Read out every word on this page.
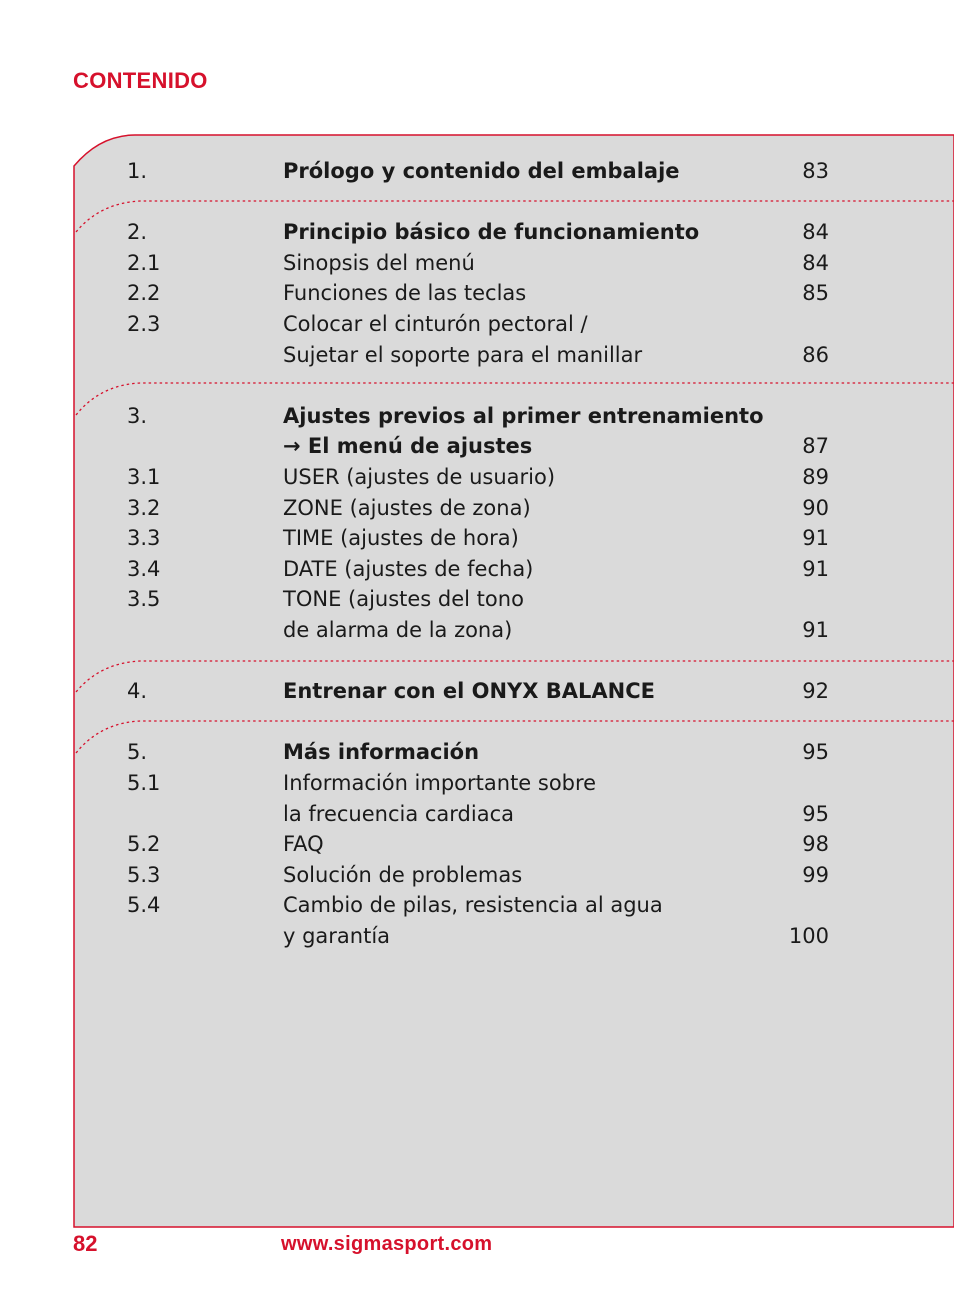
CONTENIDO
1.	Prólogo y contenido del embalaje	83
2.	Principio básico de funcionamiento	84
2.1	Sinopsis del menú	84
2.2	Funciones de las teclas	85
2.3	Colocar el cinturón pectoral /
Sujetar el soporte para el manillar	86
3.	Ajustes previos al primer entrenamiento
→ El menú de ajustes	87
3.1	USER (ajustes de usuario)	89
3.2	ZONE (ajustes de zona)	90
3.3	TIME (ajustes de hora)	91
3.4	DATE (ajustes de fecha)	91
3.5	TONE (ajustes del tono
de alarma de la zona)	91
4.	Entrenar con el ONYX BALANCE	92
5.	Más información	95
5.1	Información importante sobre
la frecuencia cardiaca	95
5.2	FAQ	98
5.3	Solución de problemas	99
5.4	Cambio de pilas, resistencia al agua
y garantía	100
82	www.sigmasport.com
